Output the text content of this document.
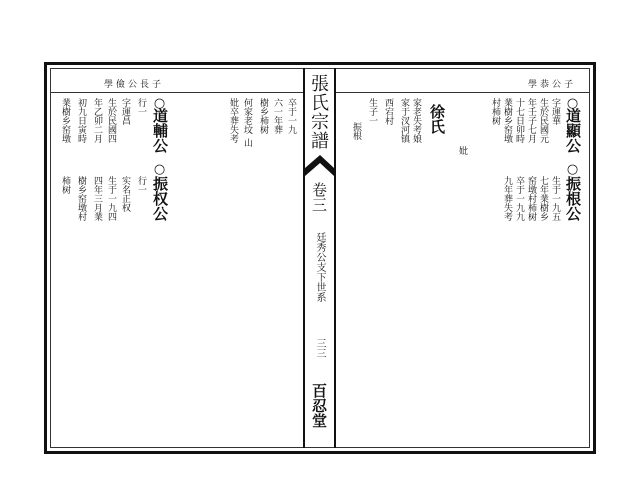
張氏宗譜
卷三
廷秀公支下世系
三三
百忍堂
學恭公子
○
道顯公
○
振根公
字運華
生於民國元
年壬子七月
十七日卯時
業樹乡窑墩
村柿树
生于一九五
七年業樹乡
窑墩村柿树
卒于一九九
九年葬失考
妣
徐氏
家老失考娘
家于汊河镇
西宕村
生子一
振根
學儉公長子
卒于一九
六一年葬
樹乡柿树
何家老坟
山
妣卒葬失考
行一 ○
道輔公
○
振权公
行一
字運昌
生於民國四
年乙卯二月
初九日寅時
業樹乡窑墩
实名正权
生于一九四
四年三月業
樹乡窑墩村
柿树
